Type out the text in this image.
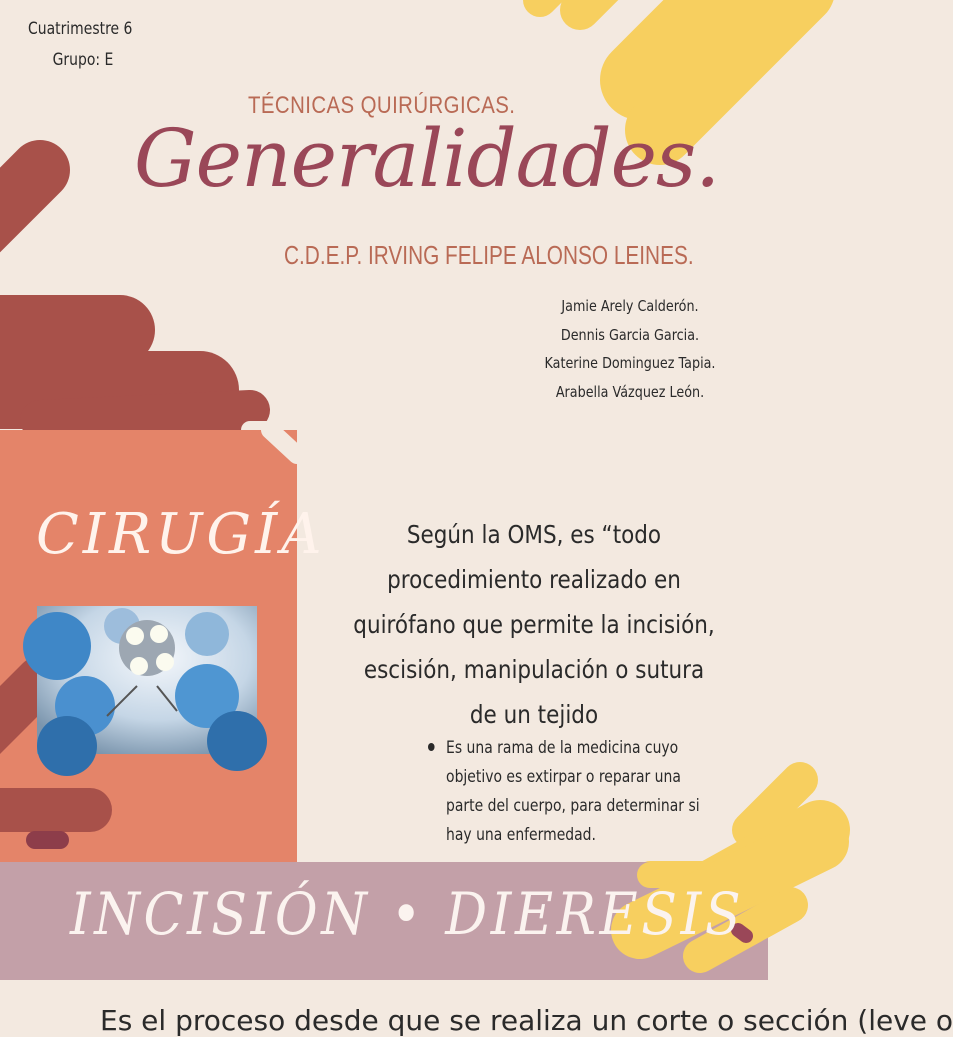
Cuatrimestre 6
Grupo: E
TÉCNICAS QUIRÚRGICAS.
Generalidades.
C.D.E.P. IRVING FELIPE ALONSO LEINES.
Jamie Arely Calderón.
Dennis Garcia Garcia.
Katerine Dominguez Tapia.
Arabella Vázquez León.
CIRUGÍA	Según la OMS, es “todo procedimiento realizado en quirófano que permite la incisión, escisión, manipulación o sutura de un tejido
Es una rama de la medicina cuyo objetivo es extirpar o reparar una parte del cuerpo, para determinar si hay una enfermedad.
INCISIÓN • DIERESIS
Es el proceso desde que se realiza un corte o sección (leve o
